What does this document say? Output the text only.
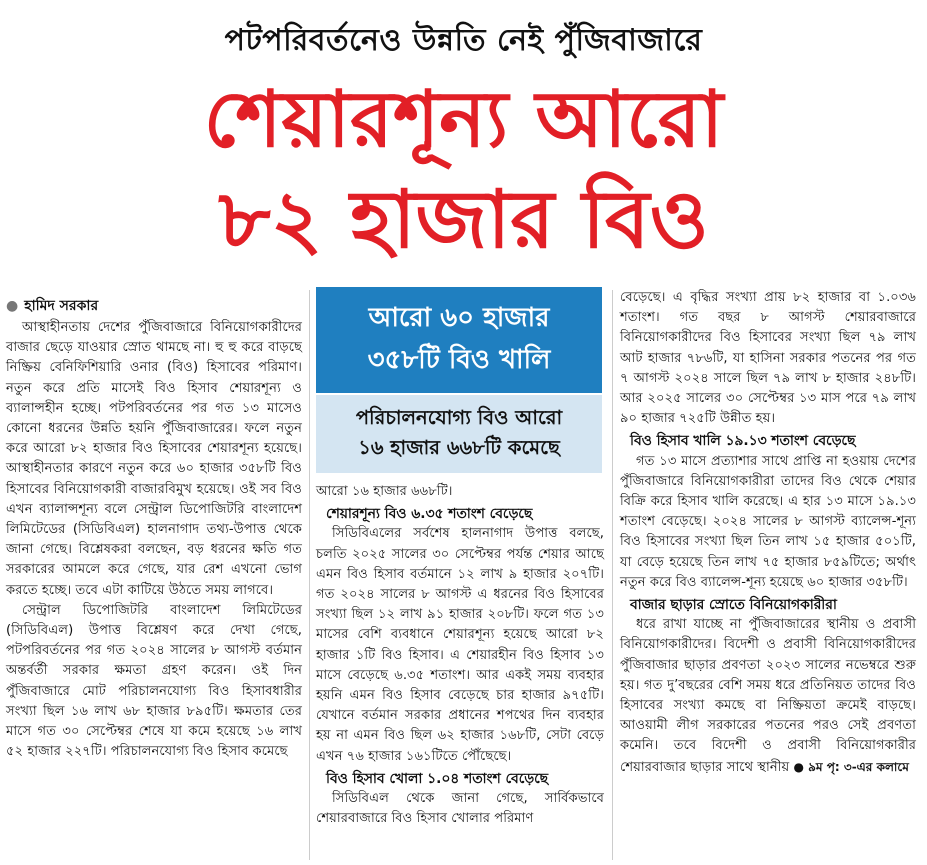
পটপরিবর্তনেও উন্নতি নেই পুঁজিবাজারে
শেয়ারশূন্য আরো
৮২ হাজার বিও
● হামিদ সরকার

আস্থাহীনতায় দেশের পুঁজিবাজারে বিনিয়োগকারীদের বাজার ছেড়ে যাওয়ার স্রোত থামছে না। হু হু করে বাড়ছে নিষ্ক্রিয় বেনিফিশিয়ারি ওনার (বিও) হিসাবের পরিমাণ। নতুন করে প্রতি মাসেই বিও হিসাব শেয়ারশূন্য ও ব্যালান্সহীন হচ্ছে। পটপরিবর্তনের পর গত ১৩ মাসেও কোনো ধরনের উন্নতি হয়নি পুঁজিবাজারের। ফলে নতুন করে আরো ৮২ হাজার বিও হিসাবের শেয়ারশূন্য হয়েছে। আস্থাহীনতার কারণে নতুন করে ৬০ হাজার ৩৫৮টি বিও হিসাবের বিনিয়োগকারী বাজারবিমুখ হয়েছে। ওই সব বিও এখন ব্যালান্সশূন্য বলে সেন্ট্রাল ডিপোজিটরি বাংলাদেশ লিমিটেডের (সিডিবিএল) হালনাগাদ তথ্য-উপাত্ত থেকে জানা গেছে। বিশ্লেষকরা বলছেন, বড় ধরনের ক্ষতি গত সরকারের আমলে করে গেছে, যার রেশ এখনো ভোগ করতে হচ্ছে। তবে এটা কাটিয়ে উঠতে সময় লাগবে।

সেন্ট্রাল ডিপোজিটরি বাংলাদেশ লিমিটেডের (সিডিবিএল) উপাত্ত বিশ্লেষণ করে দেখা গেছে, পটপরিবর্তনের পর গত ২০২৪ সালের ৮ আগস্ট বর্তমান অন্তর্বর্তী সরকার ক্ষমতা গ্রহণ করেন। ওই দিন পুঁজিবাজারে মোট পরিচালনযোগ্য বিও হিসাবধারীর সংখ্যা ছিল ১৬ লাখ ৬৮ হাজার ৮৯৫টি। ক্ষমতার তের মাসে গত ৩০ সেপ্টেম্বর শেষে যা কমে হয়েছে ১৬ লাখ ৫২ হাজার ২২৭টি। পরিচালনযোগ্য বিও হিসাব কমেছে

আরো ৬০ হাজার
৩৫৮টি বিও খালি
পরিচালনযোগ্য বিও আরো
১৬ হাজার ৬৬৮টি কমেছে

আরো ১৬ হাজার ৬৬৮টি।

শেয়ারশূন্য বিও ৬.৩৫ শতাংশ বেড়েছে

সিডিবিএলের সর্বশেষ হালনাগাদ উপাত্ত বলছে, চলতি ২০২৫ সালের ৩০ সেপ্টেম্বর পর্যন্ত শেয়ার আছে এমন বিও হিসাব বর্তমানে ১২ লাখ ৯ হাজার ২০৭টি। গত ২০২৪ সালের ৮ আগস্ট এ ধরনের বিও হিসাবের সংখ্যা ছিল ১২ লাখ ৯১ হাজার ২০৮টি। ফলে গত ১৩ মাসের বেশি ব্যবধানে শেয়ারশূন্য হয়েছে আরো ৮২ হাজার ১টি বিও হিসাব। এ শেয়ারহীন বিও হিসাব ১৩ মাসে বেড়েছে ৬.৩৫ শতাংশ। আর একই সময় ব্যবহার হয়নি এমন বিও হিসাব বেড়েছে চার হাজার ৯৭৫টি। যেখানে বর্তমান সরকার প্রধানের শপথের দিন ব্যবহার হয় না এমন বিও ছিল ৬২ হাজার ১৬৮টি, সেটা বেড়ে এখন ৭৬ হাজার ১৬১টিতে পৌঁছেছে।

বিও হিসাব খোলা ১.০৪ শতাংশ বেড়েছে

সিডিবিএল থেকে জানা গেছে, সার্বিকভাবে শেয়ারবাজারে বিও হিসাব খোলার পরিমাণ

বেড়েছে। এ বৃদ্ধির সংখ্যা প্রায় ৮২ হাজার বা ১.০৩৬ শতাংশ। গত বছর ৮ আগস্ট শেয়ারবাজারে বিনিয়োগকারীদের বিও হিসাবের সংখ্যা ছিল ৭৯ লাখ আট হাজার ৭৮৬টি, যা হাসিনা সরকার পতনের পর গত ৭ আগস্ট ২০২৪ সালে ছিল ৭৯ লাখ ৮ হাজার ২৪৮টি। আর ২০২৫ সালের ৩০ সেপ্টেম্বর ১৩ মাস পরে ৭৯ লাখ ৯০ হাজার ৭২৫টি উন্নীত হয়।

বিও হিসাব খালি ১৯.১৩ শতাংশ বেড়েছে

গত ১৩ মাসে প্রত্যাশার সাথে প্রাপ্তি না হওয়ায় দেশের পুঁজিবাজারে বিনিয়োগকারীরা তাদের বিও থেকে শেয়ার বিক্রি করে হিসাব খালি করেছে। এ হার ১৩ মাসে ১৯.১৩ শতাংশ বেড়েছে। ২০২৪ সালের ৮ আগস্ট ব্যালেন্স-শূন্য বিও হিসাবের সংখ্যা ছিল তিন লাখ ১৫ হাজার ৫০১টি, যা বেড়ে হয়েছে তিন লাখ ৭৫ হাজার ৮৫৯টিতে; অর্থাৎ নতুন করে বিও ব্যালেন্স-শূন্য হয়েছে ৬০ হাজার ৩৫৮টি।

বাজার ছাড়ার স্রোতে বিনিয়োগকারীরা

ধরে রাখা যাচ্ছে না পুঁজিবাজারের স্থানীয় ও প্রবাসী বিনিয়োগকারীদের। বিদেশী ও প্রবাসী বিনিয়োগকারীদের পুঁজিবাজার ছাড়ার প্রবণতা ২০২৩ সালের নভেম্বরে শুরু হয়। গত দু’বছরের বেশি সময় ধরে প্রতিনিয়ত তাদের বিও হিসাবের সংখ্যা কমছে বা নিষ্ক্রিয়তা ক্রমেই বাড়ছে। আওয়ামী লীগ সরকারের পতনের পরও সেই প্রবণতা কমেনি। তবে বিদেশী ও প্রবাসী বিনিয়োগকারীর শেয়ারবাজার ছাড়ার সাথে স্থানীয় ● ৯ম পৃ: ৩-এর কলামে
